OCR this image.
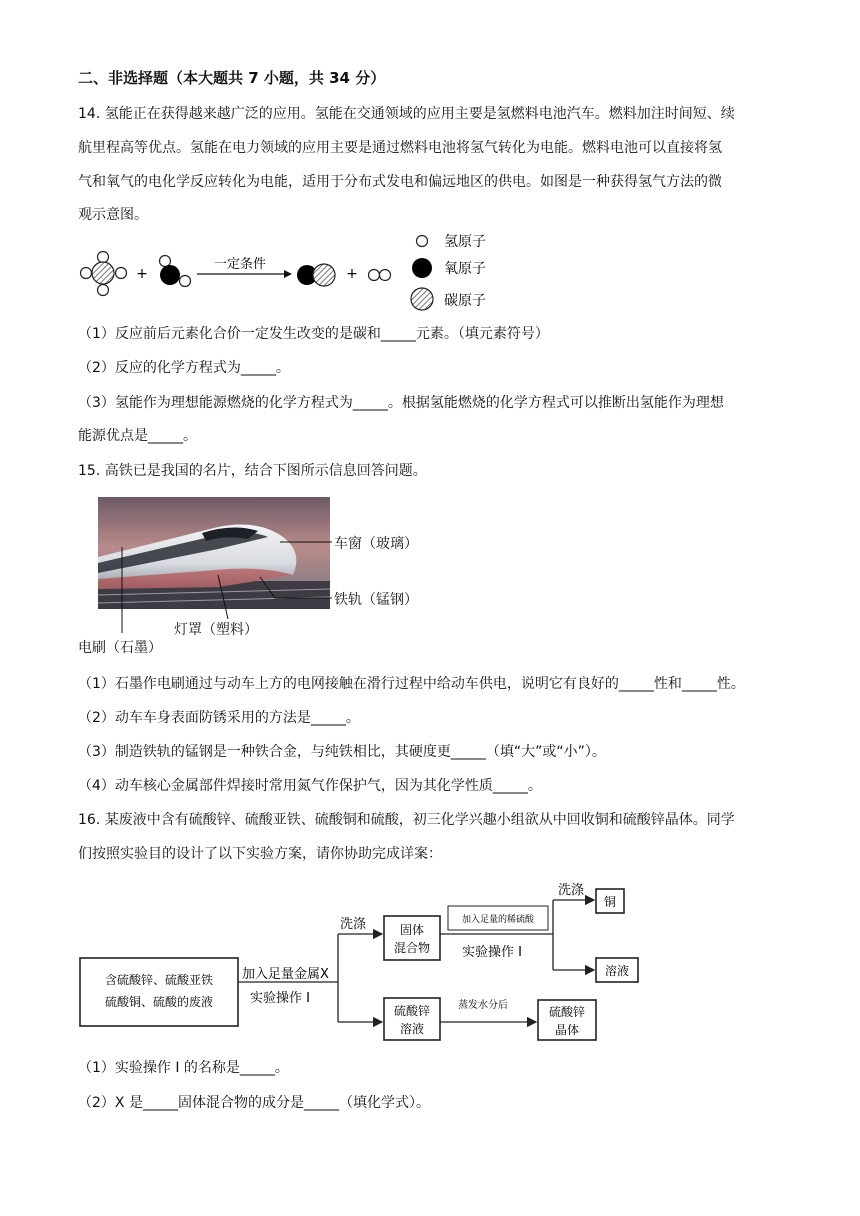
二、非选择题（本大题共 7 小题，共 34 分）
14. 氢能正在获得越来越广泛的应用。氢能在交通领域的应用主要是氢燃料电池汽车。燃料加注时间短、续
航里程高等优点。氢能在电力领域的应用主要是通过燃料电池将氢气转化为电能。燃料电池可以直接将氢
气和氧气的电化学反应转化为电能，适用于分布式发电和偏远地区的供电。如图是一种获得氢气方法的微
观示意图。
+
一定条件
+
氢原子
氧原子
碳原子
（1）反应前后元素化合价一定发生改变的是碳和_____元素。（填元素符号）
（2）反应的化学方程式为_____。
（3）氢能作为理想能源燃烧的化学方程式为_____。根据氢能燃烧的化学方程式可以推断出氢能作为理想
能源优点是_____。
15. 高铁已是我国的名片，结合下图所示信息回答问题。
车窗（玻璃）
铁轨（锰钢）
灯罩（塑料）
电刷（石墨）
（1）石墨作电刷通过与动车上方的电网接触在滑行过程中给动车供电，说明它有良好的_____性和_____性。
（2）动车车身表面防锈采用的方法是_____。
（3）制造铁轨的锰钢是一种铁合金，与纯铁相比，其硬度更_____（填“大”或“小”）。
（4）动车核心金属部件焊接时常用氮气作保护气，因为其化学性质_____。
16. 某废液中含有硫酸锌、硫酸亚铁、硫酸铜和硫酸，初三化学兴趣小组欲从中回收铜和硫酸锌晶体。同学
们按照实验目的设计了以下实验方案，请你协助完成详案：
含硫酸锌、硫酸亚铁
硫酸铜、硫酸的废液
加入足量金属X
实验操作 I
洗涤	固体
混合物
加入足量的稀硫酸
实验操作 I
洗涤
铜
溶液
硫酸锌
溶液
蒸发水分后	硫酸锌
晶体
（1）实验操作 I 的名称是_____。
（2）X 是_____固体混合物的成分是_____（填化学式）。
